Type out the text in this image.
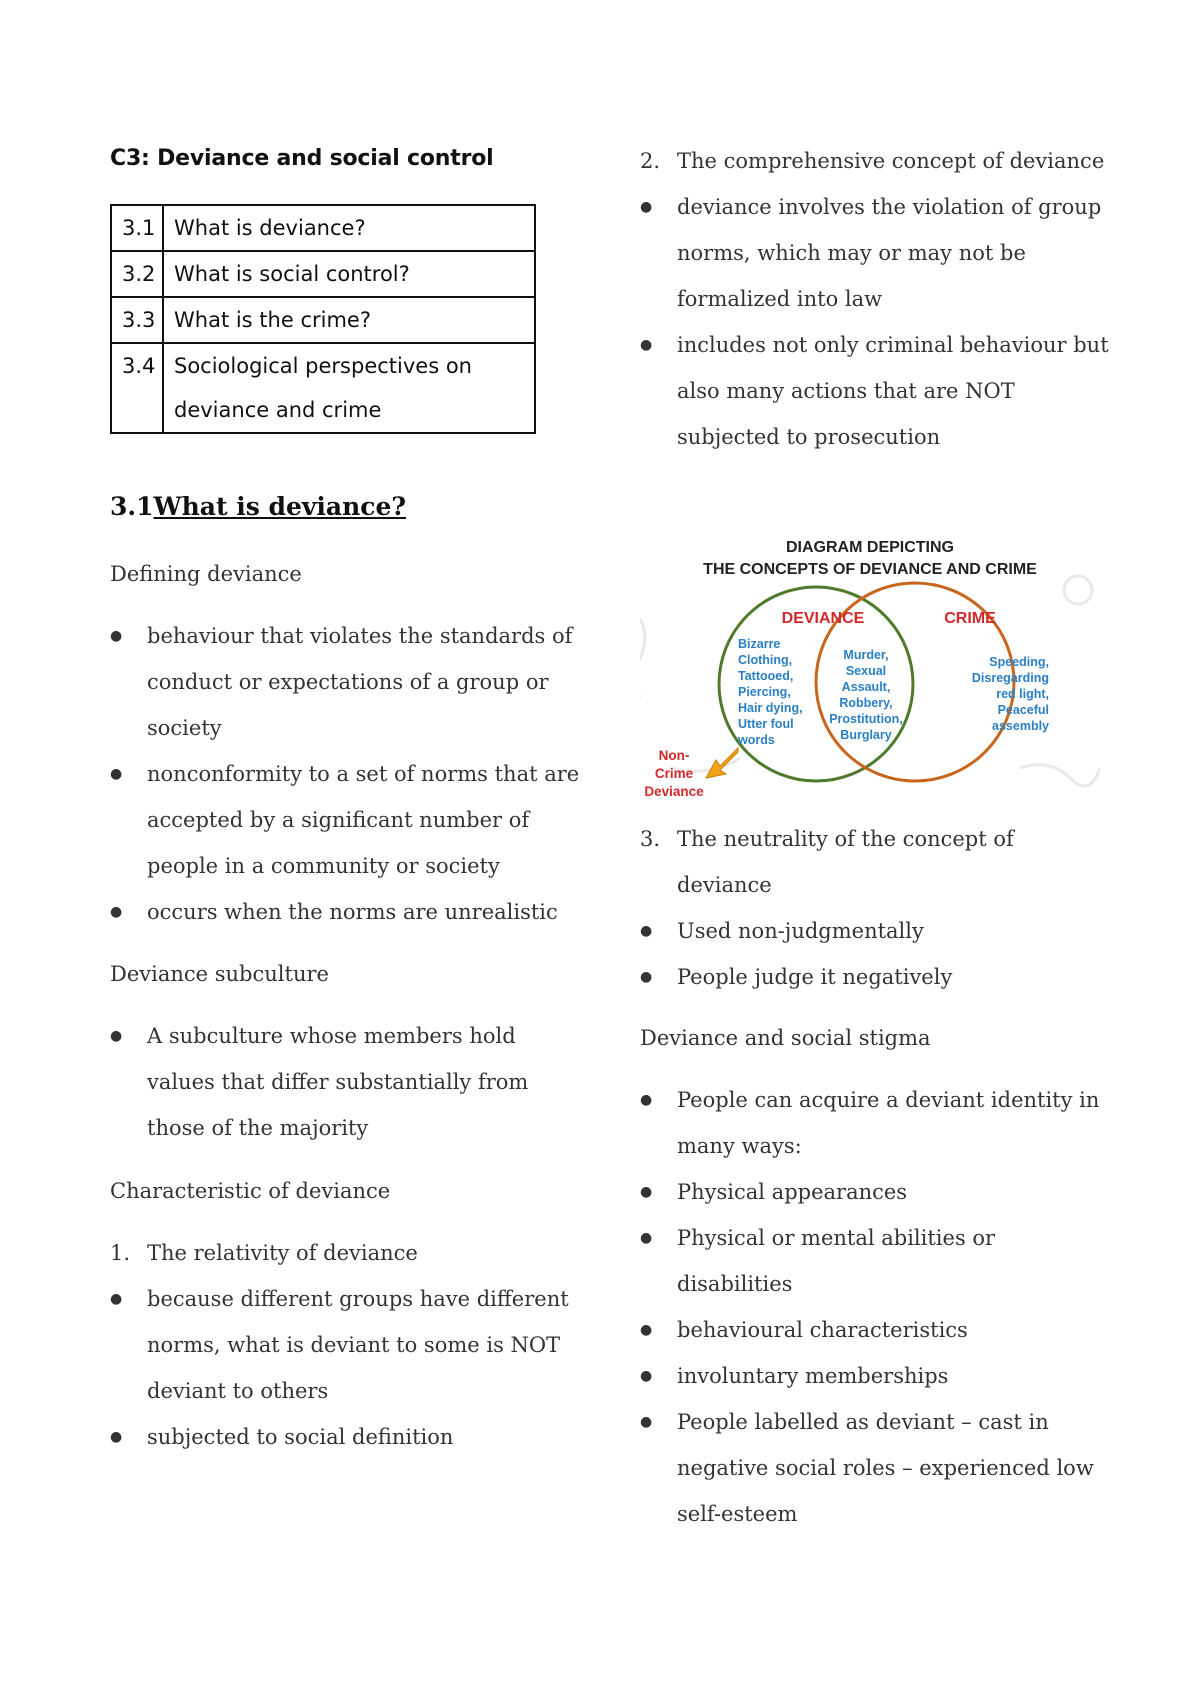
C3: Deviance and social control
3.1	What is deviance?
3.2	What is social control?
3.3	What is the crime?
3.4	Sociological perspectives on deviance and crime
3.1What is deviance?
Defining deviance
● behaviour that violates the standards of conduct or expectations of a group or society
● nonconformity to a set of norms that are accepted by a significant number of people in a community or society
● occurs when the norms are unrealistic
Deviance subculture
● A subculture whose members hold values that differ substantially from those of the majority
Characteristic of deviance
1. The relativity of deviance
● because different groups have different norms, what is deviant to some is NOT deviant to others
● subjected to social definition
2. The comprehensive concept of deviance
● deviance involves the violation of group norms, which may or may not be formalized into law
● includes not only criminal behaviour but also many actions that are NOT subjected to prosecution
DIAGRAM DEPICTING
THE CONCEPTS OF DEVIANCE AND CRIME
DEVIANCE	CRIME
Bizarre
Clothing,
Tattooed,
Piercing,
Hair dying,
Utter foul
words
Murder,
Sexual
Assault,
Robbery,
Prostitution,
Burglary
Speeding,
Disregarding
red light,
Peaceful
assembly
Non-
Crime
Deviance
3. The neutrality of the concept of deviance
● Used non-judgmentally
● People judge it negatively
Deviance and social stigma
● People can acquire a deviant identity in many ways:
● Physical appearances
● Physical or mental abilities or disabilities
● behavioural characteristics
● involuntary memberships
● People labelled as deviant – cast in negative social roles – experienced low self-esteem
